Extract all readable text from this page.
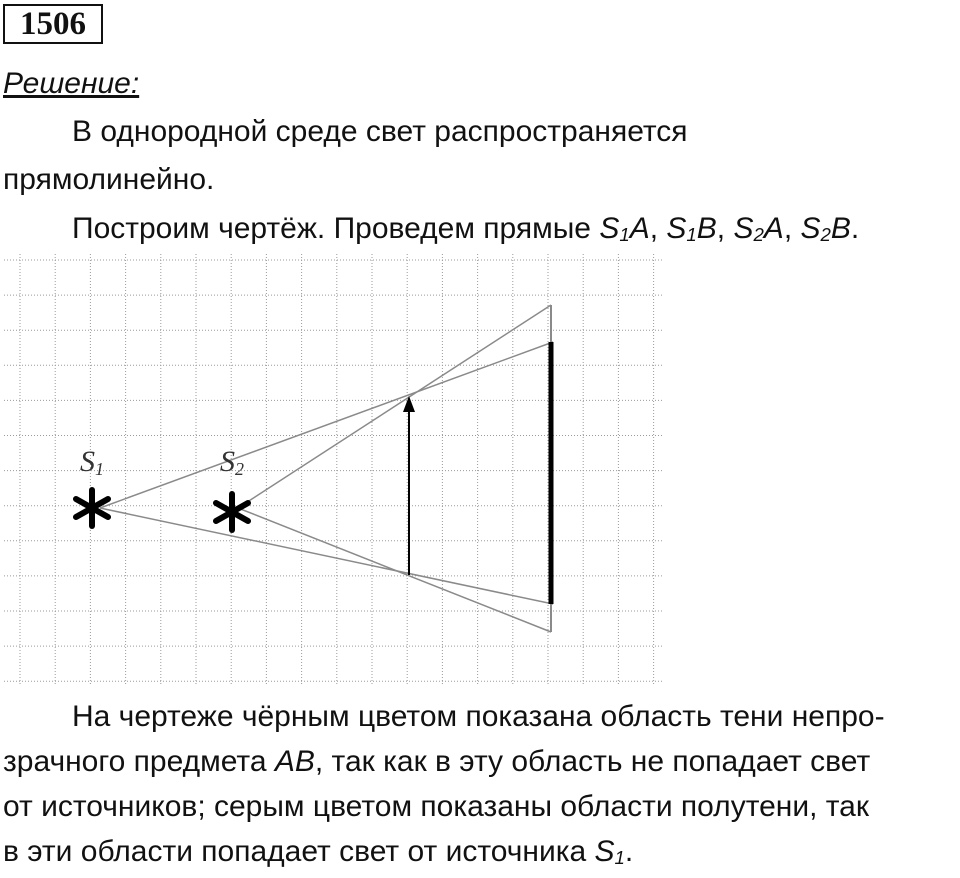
1506
Решение:
В однородной среде свет распространяется
прямолинейно.
Построим чертёж. Проведем прямые $S_1A$, $S_1B$, $S_2A$, $S_2B$.
S1	S2
На чертеже чёрным цветом показана область тени непро-
зрачного предмета AB, так как в эту область не попадает свет
от источников; серым цветом показаны области полутени, так
в эти области попадает свет от источника $S_1$.
